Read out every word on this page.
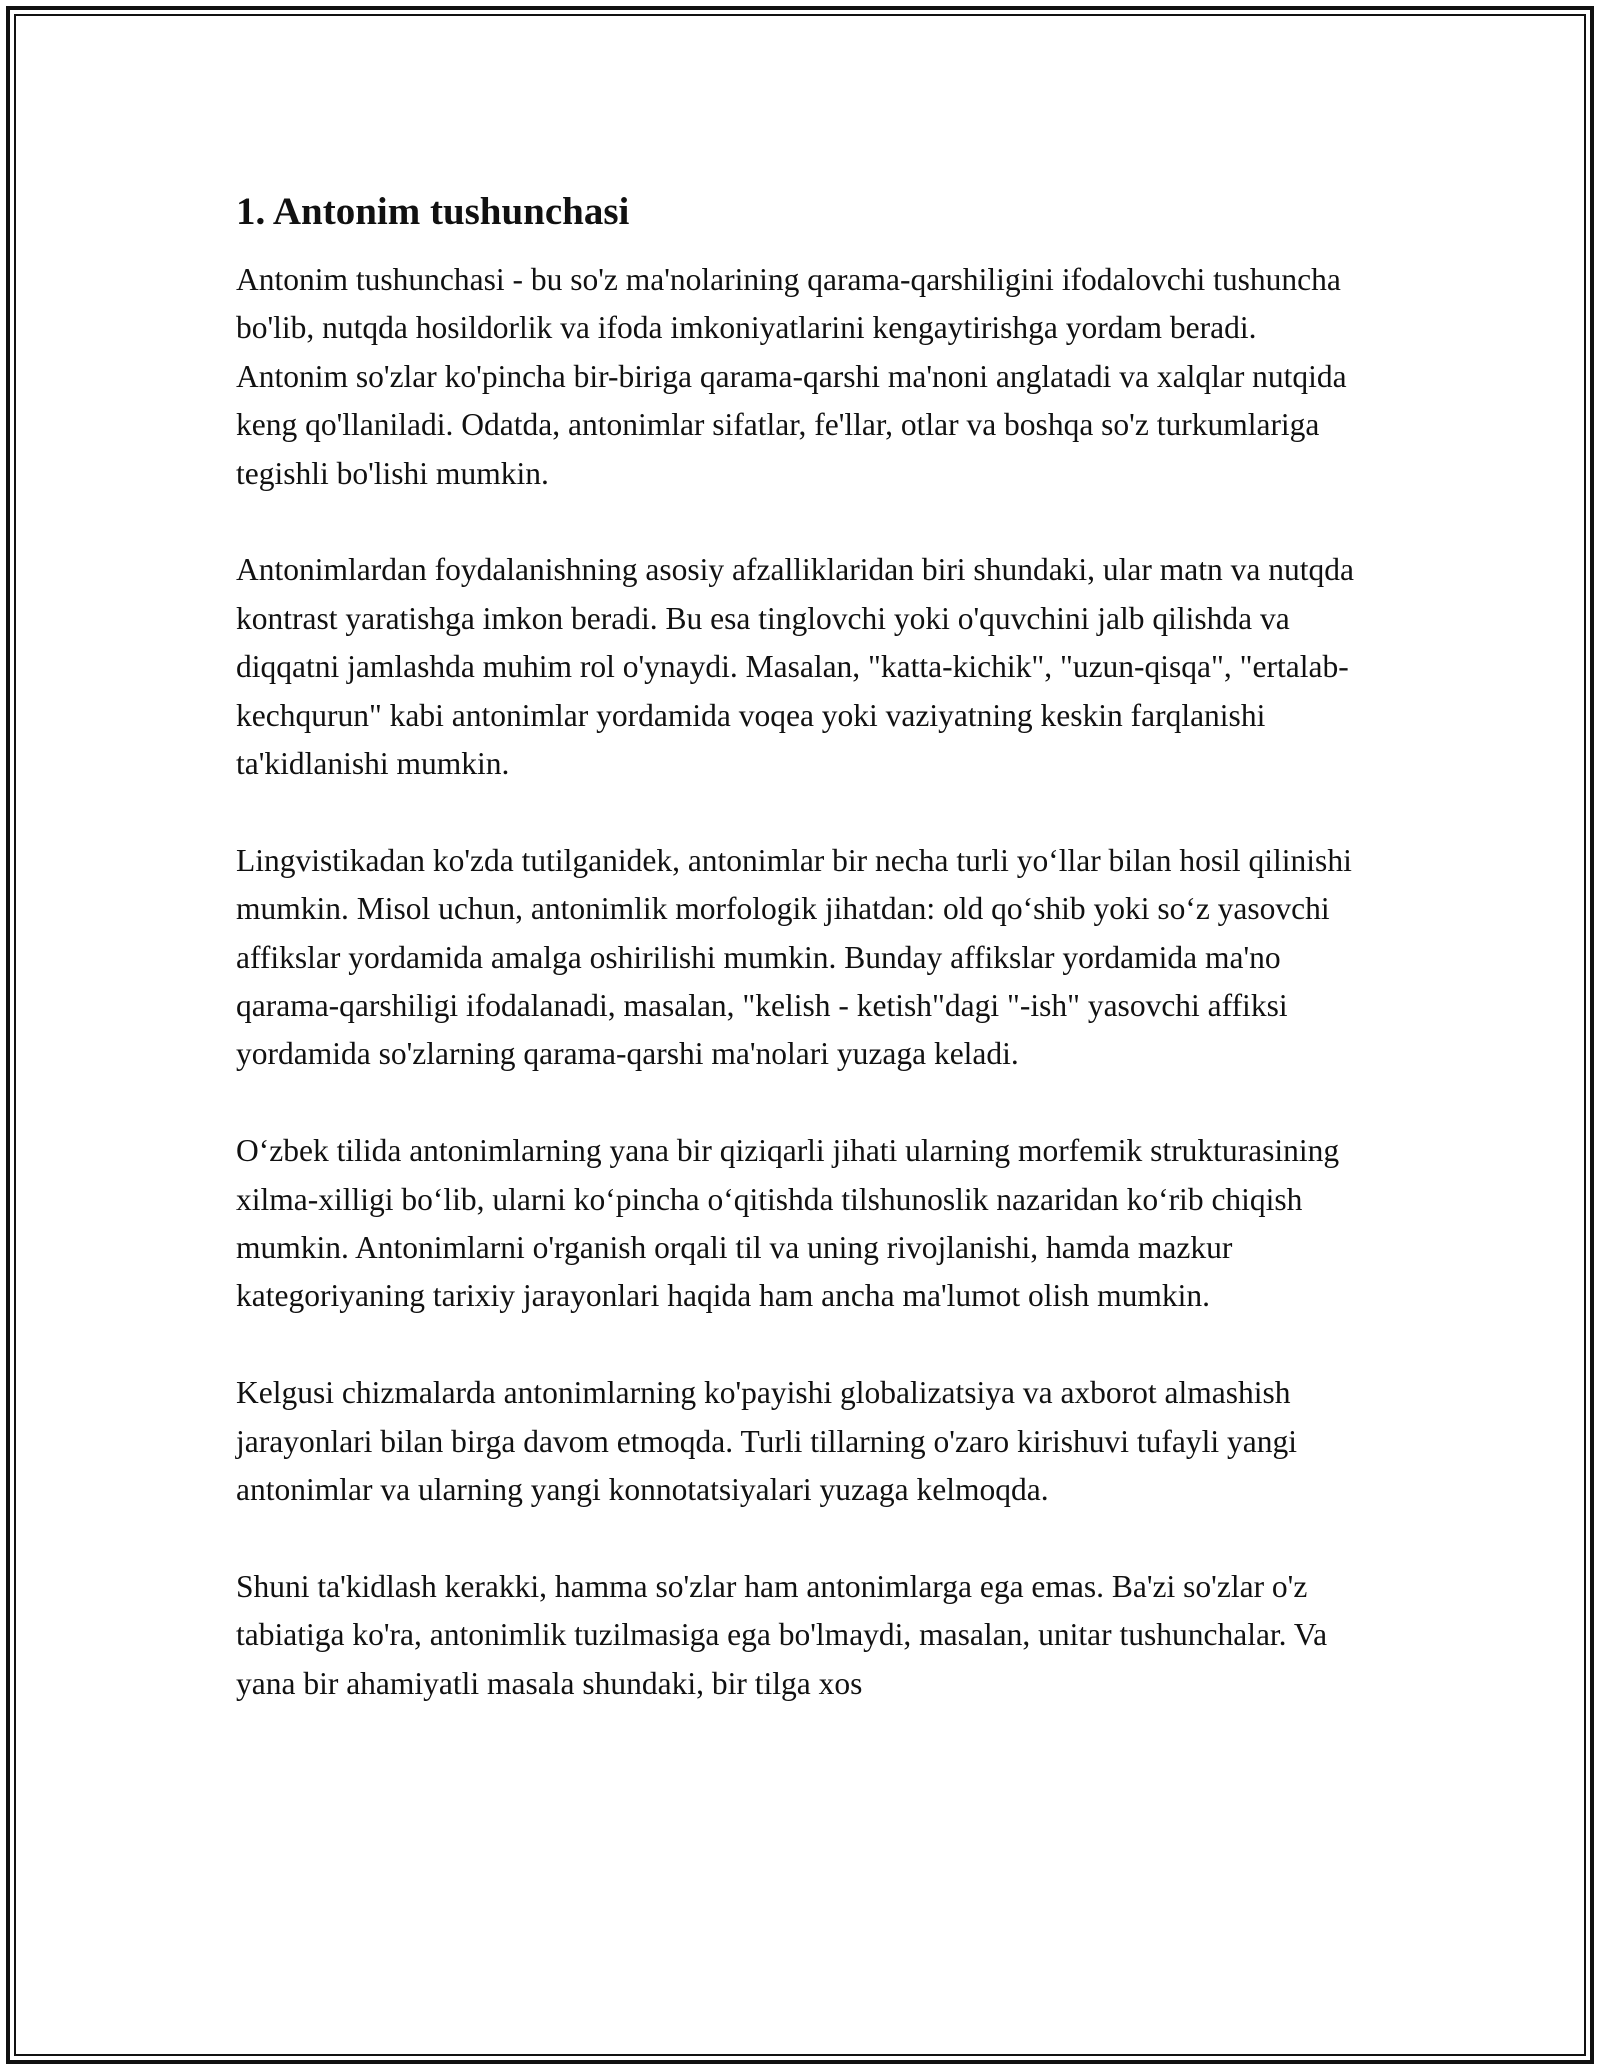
1. Antonim tushunchasi

Antonim tushunchasi - bu so'z ma'nolarining qarama-qarshiligini ifodalovchi tushuncha bo'lib, nutqda hosildorlik va ifoda imkoniyatlarini kengaytirishga yordam beradi. Antonim so'zlar ko'pincha bir-biriga qarama-qarshi ma'noni anglatadi va xalqlar nutqida keng qo'llaniladi. Odatda, antonimlar sifatlar, fe'llar, otlar va boshqa so'z turkumlariga tegishli bo'lishi mumkin.

Antonimlardan foydalanishning asosiy afzalliklaridan biri shundaki, ular matn va nutqda kontrast yaratishga imkon beradi. Bu esa tinglovchi yoki o'quvchini jalb qilishda va diqqatni jamlashda muhim rol o'ynaydi. Masalan, "katta-kichik", "uzun-qisqa", "ertalab-kechqurun" kabi antonimlar yordamida voqea yoki vaziyatning keskin farqlanishi ta'kidlanishi mumkin.

Lingvistikadan ko'zda tutilganidek, antonimlar bir necha turli yoʻllar bilan hosil qilinishi mumkin. Misol uchun, antonimlik morfologik jihatdan: old qoʻshib yoki soʻz yasovchi affikslar yordamida amalga oshirilishi mumkin. Bunday affikslar yordamida ma'no qarama-qarshiligi ifodalanadi, masalan, "kelish - ketish"dagi "-ish" yasovchi affiksi yordamida so'zlarning qarama-qarshi ma'nolari yuzaga keladi.

Oʻzbek tilida antonimlarning yana bir qiziqarli jihati ularning morfemik strukturasining xilma-xilligi boʻlib, ularni koʻpincha oʻqitishda tilshunoslik nazaridan koʻrib chiqish mumkin. Antonimlarni o'rganish orqali til va uning rivojlanishi, hamda mazkur kategoriyaning tarixiy jarayonlari haqida ham ancha ma'lumot olish mumkin.

Kelgusi chizmalarda antonimlarning ko'payishi globalizatsiya va axborot almashish jarayonlari bilan birga davom etmoqda. Turli tillarning o'zaro kirishuvi tufayli yangi antonimlar va ularning yangi konnotatsiyalari yuzaga kelmoqda.

Shuni ta'kidlash kerakki, hamma so'zlar ham antonimlarga ega emas. Ba'zi so'zlar o'z tabiatiga ko'ra, antonimlik tuzilmasiga ega bo'lmaydi, masalan, unitar tushunchalar. Va yana bir ahamiyatli masala shundaki, bir tilga xos
